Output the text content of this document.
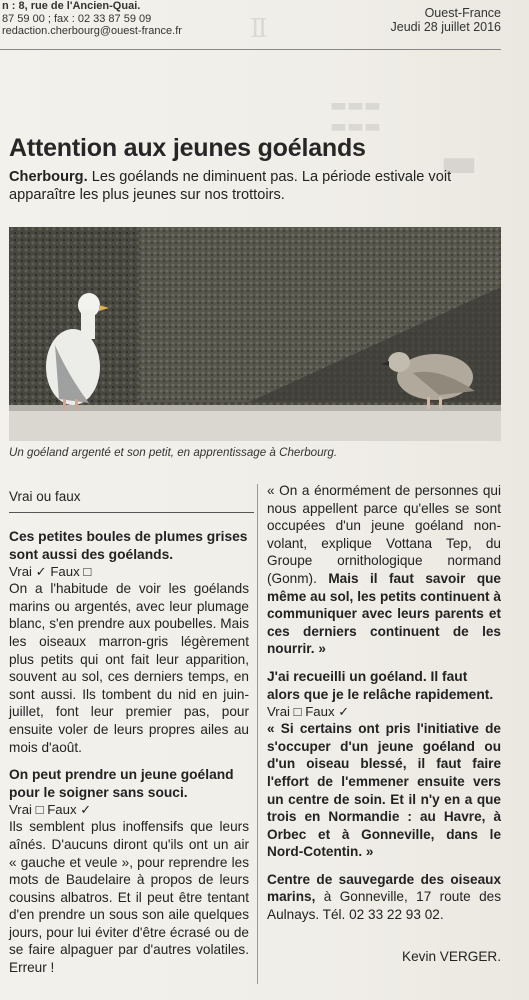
Ⅱ
▬▬▬ ▬▬▬
▬
n : 8, rue de l'Ancien-Quai.
87 59 00 ; fax : 02 33 87 59 09
redaction.cherbourg@ouest-france.fr
Ouest-France
Jeudi 28 juillet 2016
Attention aux jeunes goélands
Cherbourg. Les goélands ne diminuent pas. La période estivale voit apparaître les plus jeunes sur nos trottoirs.
Un goéland argenté et son petit, en apprentissage à Cherbourg.
Vrai ou faux
Ces petites boules de plumes grises sont aussi des goélands.
Vrai ✓ Faux □

On a l'habitude de voir les goélands marins ou argentés, avec leur plumage blanc, s'en prendre aux poubelles. Mais les oiseaux marron-gris légèrement plus petits qui ont fait leur apparition, souvent au sol, ces derniers temps, en sont aussi. Ils tombent du nid en juin-juillet, font leur premier pas, pour ensuite voler de leurs propres ailes au mois d'août.

On peut prendre un jeune goéland pour le soigner sans souci.
Vrai □ Faux ✓

Ils semblent plus inoffensifs que leurs aînés. D'aucuns diront qu'ils ont un air « gauche et veule », pour reprendre les mots de Baudelaire à propos de leurs cousins albatros. Et il peut être tentant d'en prendre un sous son aile quelques jours, pour lui éviter d'être écrasé ou de se faire alpaguer par d'autres volatiles. Erreur !

« On a énormément de personnes qui nous appellent parce qu'elles se sont occupées d'un jeune goéland non-volant, explique Vottana Tep, du Groupe ornithologique normand (Gonm). Mais il faut savoir que même au sol, les petits continuent à communiquer avec leurs parents et ces derniers continuent de les nourrir. »

J'ai recueilli un goéland. Il faut alors que je le relâche rapidement.
Vrai □ Faux ✓

« Si certains ont pris l'initiative de s'occuper d'un jeune goéland ou d'un oiseau blessé, il faut faire l'effort de l'emmener ensuite vers un centre de soin. Et il n'y en a que trois en Normandie : au Havre, à Orbec et à Gonneville, dans le Nord-Cotentin. »

Centre de sauvegarde des oiseaux marins, à Gonneville, 17 route des Aulnays. Tél. 02 33 22 93 02.

Kevin VERGER.
